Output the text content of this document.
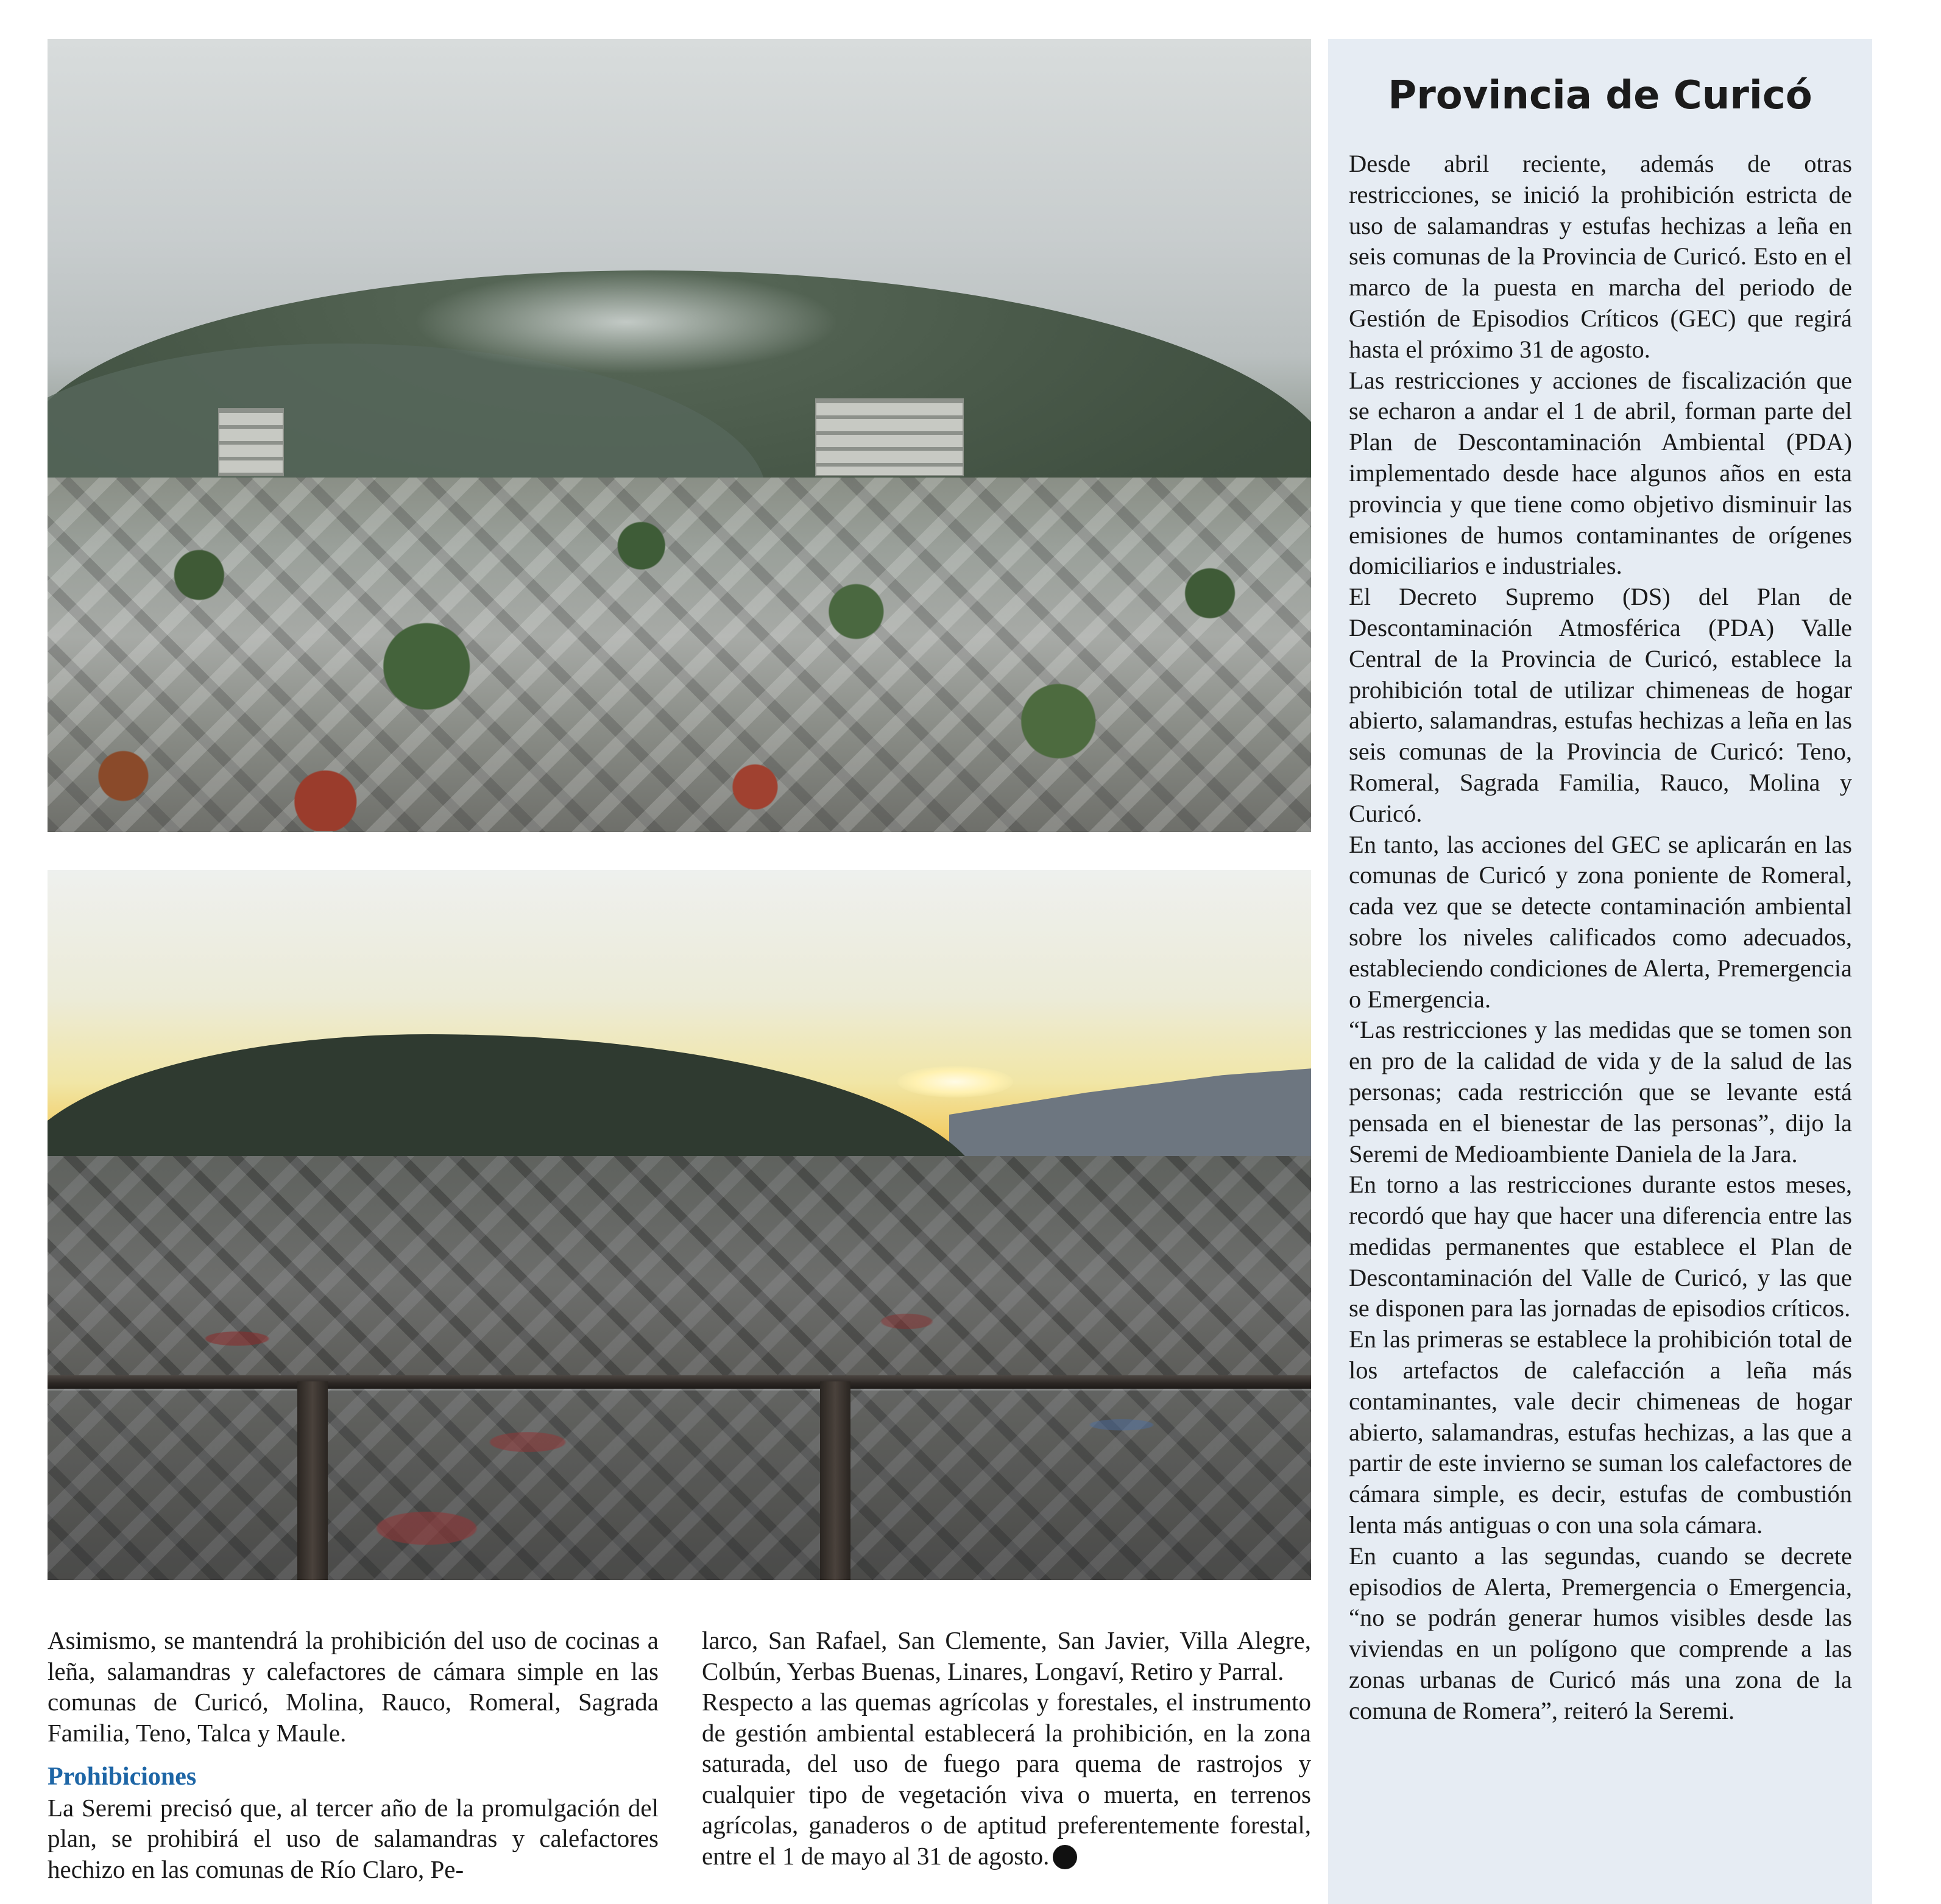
Asimismo, se mantendrá la prohibición del uso de cocinas a leña, salamandras y calefactores de cámara simple en las comunas de Curicó, Molina, Rauco, Romeral, Sagrada Familia, Teno, Talca y Maule.

Prohibiciones

La Seremi precisó que, al tercer año de la promulgación del plan, se prohibirá el uso de salamandras y calefactores hechizo en las comunas de Río Claro, Pe-

larco, San Rafael, San Clemente, San Javier, Villa Alegre, Colbún, Yerbas Buenas, Linares, Longaví, Retiro y Parral.

Respecto a las quemas agrícolas y forestales, el instrumento de gestión ambiental establecerá la prohibición, en la zona saturada, del uso de fuego para quema de rastrojos y cualquier tipo de vegetación viva o muerta, en terrenos agrícolas, ganaderos o de aptitud preferentemente forestal, entre el 1 de mayo al 31 de agosto.

Provincia de Curicó

Desde abril reciente, además de otras restricciones, se inició la prohibición estricta de uso de salamandras y estufas hechizas a leña en seis comunas de la Provincia de Curicó. Esto en el marco de la puesta en marcha del periodo de Gestión de Episodios Críticos (GEC) que regirá hasta el próximo 31 de agosto.

Las restricciones y acciones de fiscalización que se echaron a andar el 1 de abril, forman parte del Plan de Descontaminación Ambiental (PDA) implementado desde hace algunos años en esta provincia y que tiene como objetivo disminuir las emisiones de humos contaminantes de orígenes domiciliarios e industriales.

El Decreto Supremo (DS) del Plan de Descontaminación Atmosférica (PDA) Valle Central de la Provincia de Curicó, establece la prohibición total de utilizar chimeneas de hogar abierto, salamandras, estufas hechizas a leña en las seis comunas de la Provincia de Curicó: Teno, Romeral, Sagrada Familia, Rauco, Molina y Curicó.

En tanto, las acciones del GEC se aplicarán en las comunas de Curicó y zona poniente de Romeral, cada vez que se detecte contaminación ambiental sobre los niveles calificados como adecuados, estableciendo condiciones de Alerta, Premergencia o Emergencia.

“Las restricciones y las medidas que se tomen son en pro de la calidad de vida y de la salud de las personas; cada restricción que se levante está pensada en el bienestar de las personas”, dijo la Seremi de Medioambiente Daniela de la Jara.

En torno a las restricciones durante estos meses, recordó que hay que hacer una diferencia entre las medidas permanentes que establece el Plan de Descontaminación del Valle de Curicó, y las que se disponen para las jornadas de episodios críticos.

En las primeras se establece la prohibición total de los artefactos de calefacción a leña más contaminantes, vale decir chimeneas de hogar abierto, salamandras, estufas hechizas, a las que a partir de este invierno se suman los calefactores de cámara simple, es decir, estufas de combustión lenta más antiguas o con una sola cámara.

En cuanto a las segundas, cuando se decrete episodios de Alerta, Premergencia o Emergencia, “no se podrán generar humos visibles desde las viviendas en un polígono que comprende a las zonas urbanas de Curicó más una zona de la comuna de Romera”, reiteró la Seremi.
